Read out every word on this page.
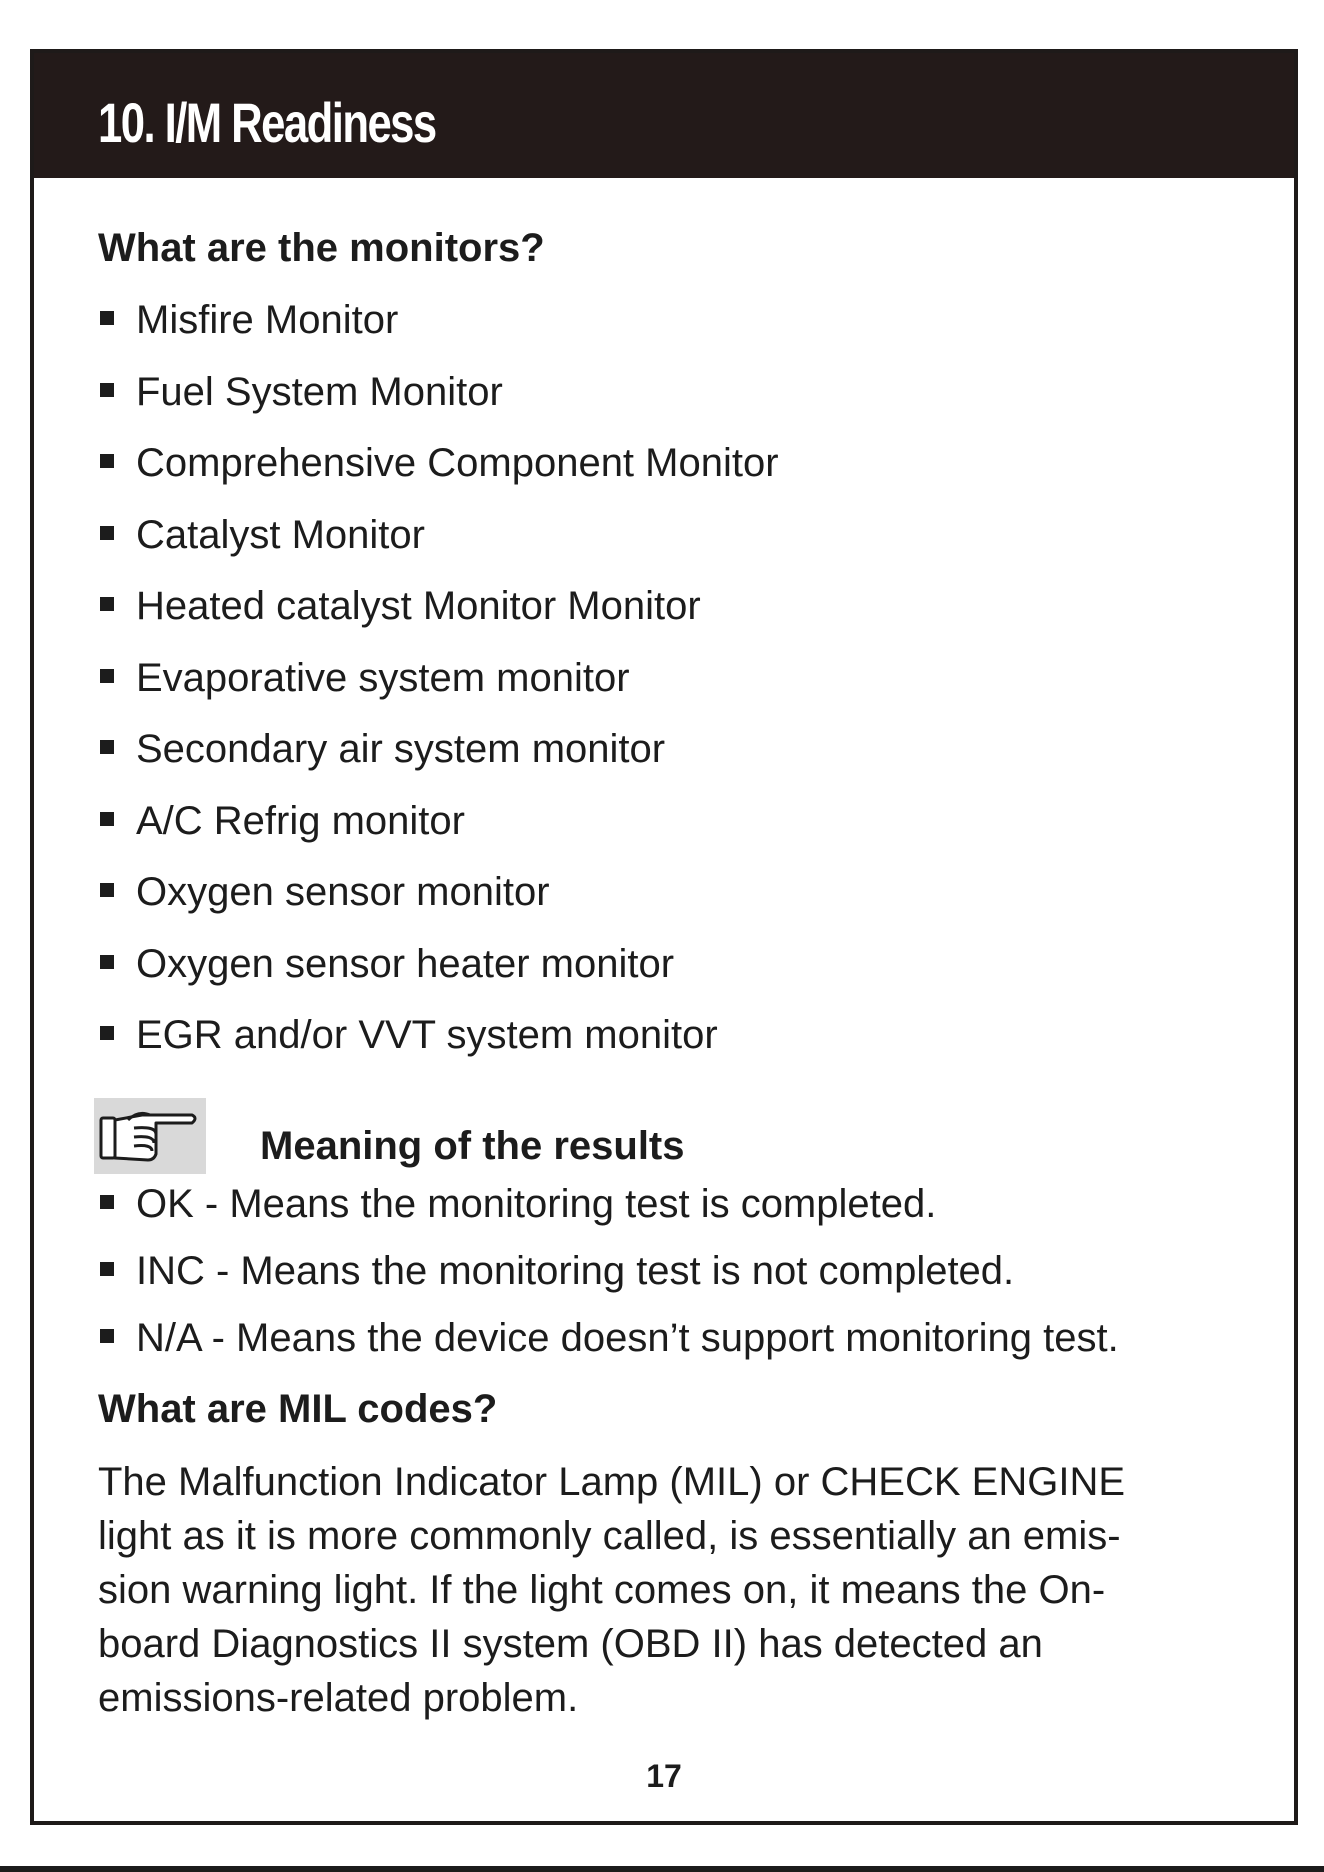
10. I/M Readiness
What are the monitors?
Misfire Monitor
Fuel System Monitor
Comprehensive Component Monitor
Catalyst Monitor
Heated catalyst Monitor Monitor
Evaporative system monitor
Secondary air system monitor
A/C Refrig monitor
Oxygen sensor monitor
Oxygen sensor heater monitor
EGR and/or VVT system monitor
Meaning of the results
OK - Means the monitoring test is completed.
INC - Means the monitoring test is not completed.
N/A - Means the device doesn’t support monitoring test.
What are MIL codes?

The Malfunction Indicator Lamp (MIL) or CHECK ENGINE
light as it is more commonly called, is essentially an emis-
sion warning light. If the light comes on, it means the On-
board Diagnostics II system (OBD II) has detected an
emissions-related problem.

17
